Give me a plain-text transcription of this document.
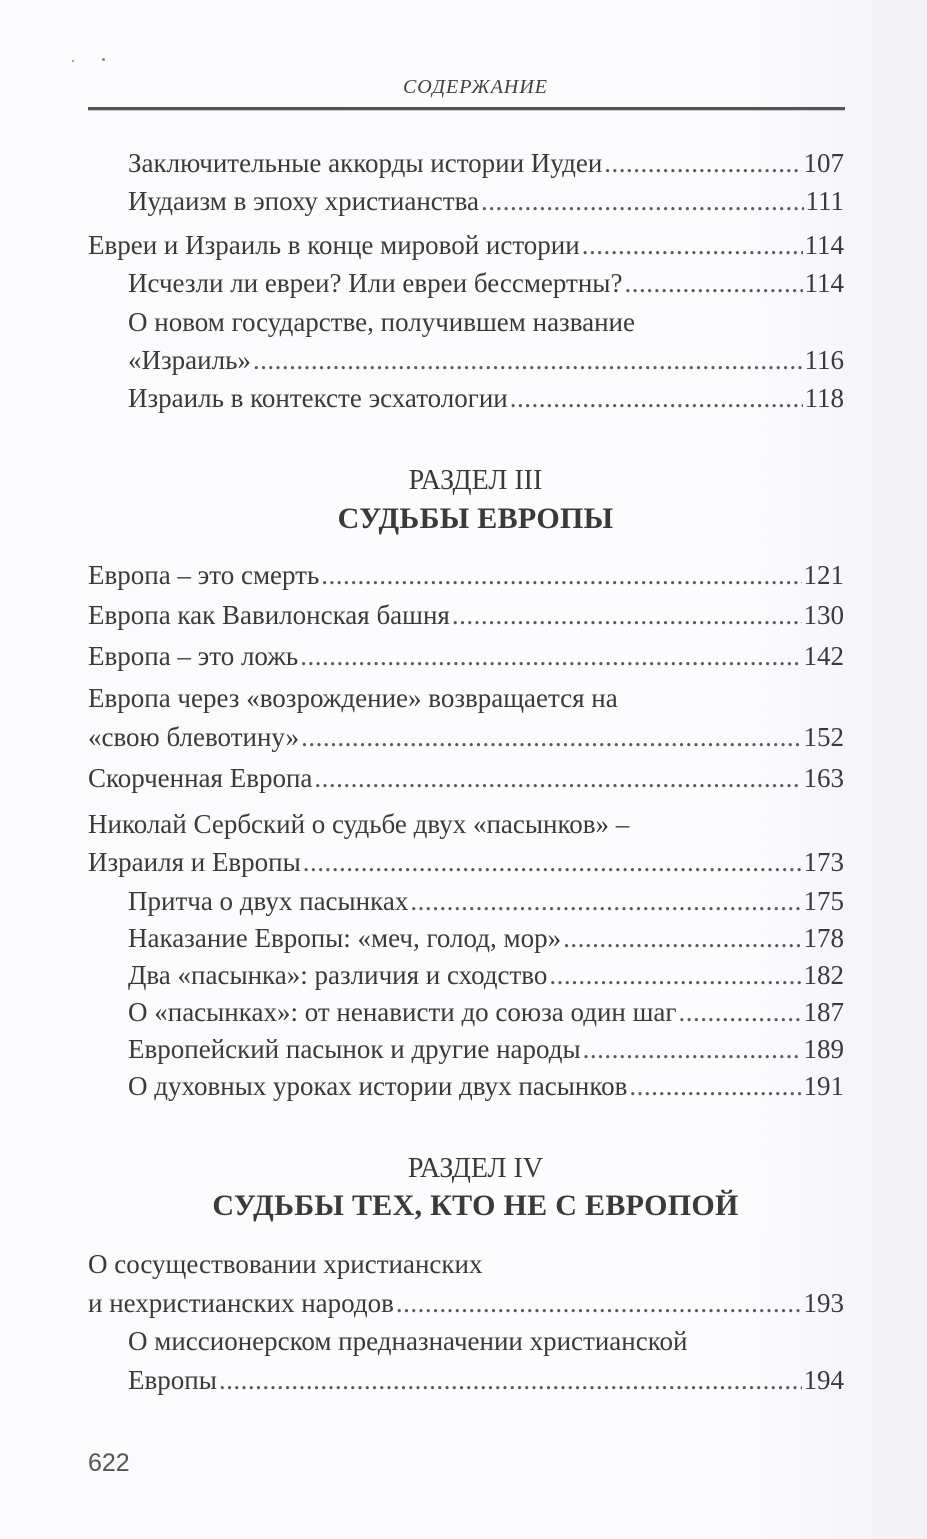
СОДЕРЖАНИЕ
Заключительные аккорды истории Иудеи .....	107
Иудаизм в эпоху христианства .....	111
Евреи и Израиль в конце мировой истории .....	114
Исчезли ли евреи? Или евреи бессмертны? .....	114
О новом государстве, получившем название
«Израиль» .....	116
Израиль в контексте эсхатологии .....	118
РАЗДЕЛ III
СУДЬБЫ ЕВРОПЫ
Европа – это смерть .....	121
Европа как Вавилонская башня .....	130
Европа – это ложь .....	142
Европа через «возрождение» возвращается на
«свою блевотину» .....	152
Скорченная Европа .....	163
Николай Сербский о судьбе двух «пасынков» –
Израиля и Европы .....	173
Притча о двух пасынках .....	175
Наказание Европы: «меч, голод, мор» .....	178
Два «пасынка»: различия и сходство .....	182
О «пасынках»: от ненависти до союза один шаг .....	187
Европейский пасынок и другие народы .....	189
О духовных уроках истории двух пасынков .....	191
РАЗДЕЛ IV
СУДЬБЫ ТЕХ, КТО НЕ С ЕВРОПОЙ
О сосуществовании христианских
и нехристианских народов .....	193
О миссионерском предназначении христианской
Европы .....	194
622
